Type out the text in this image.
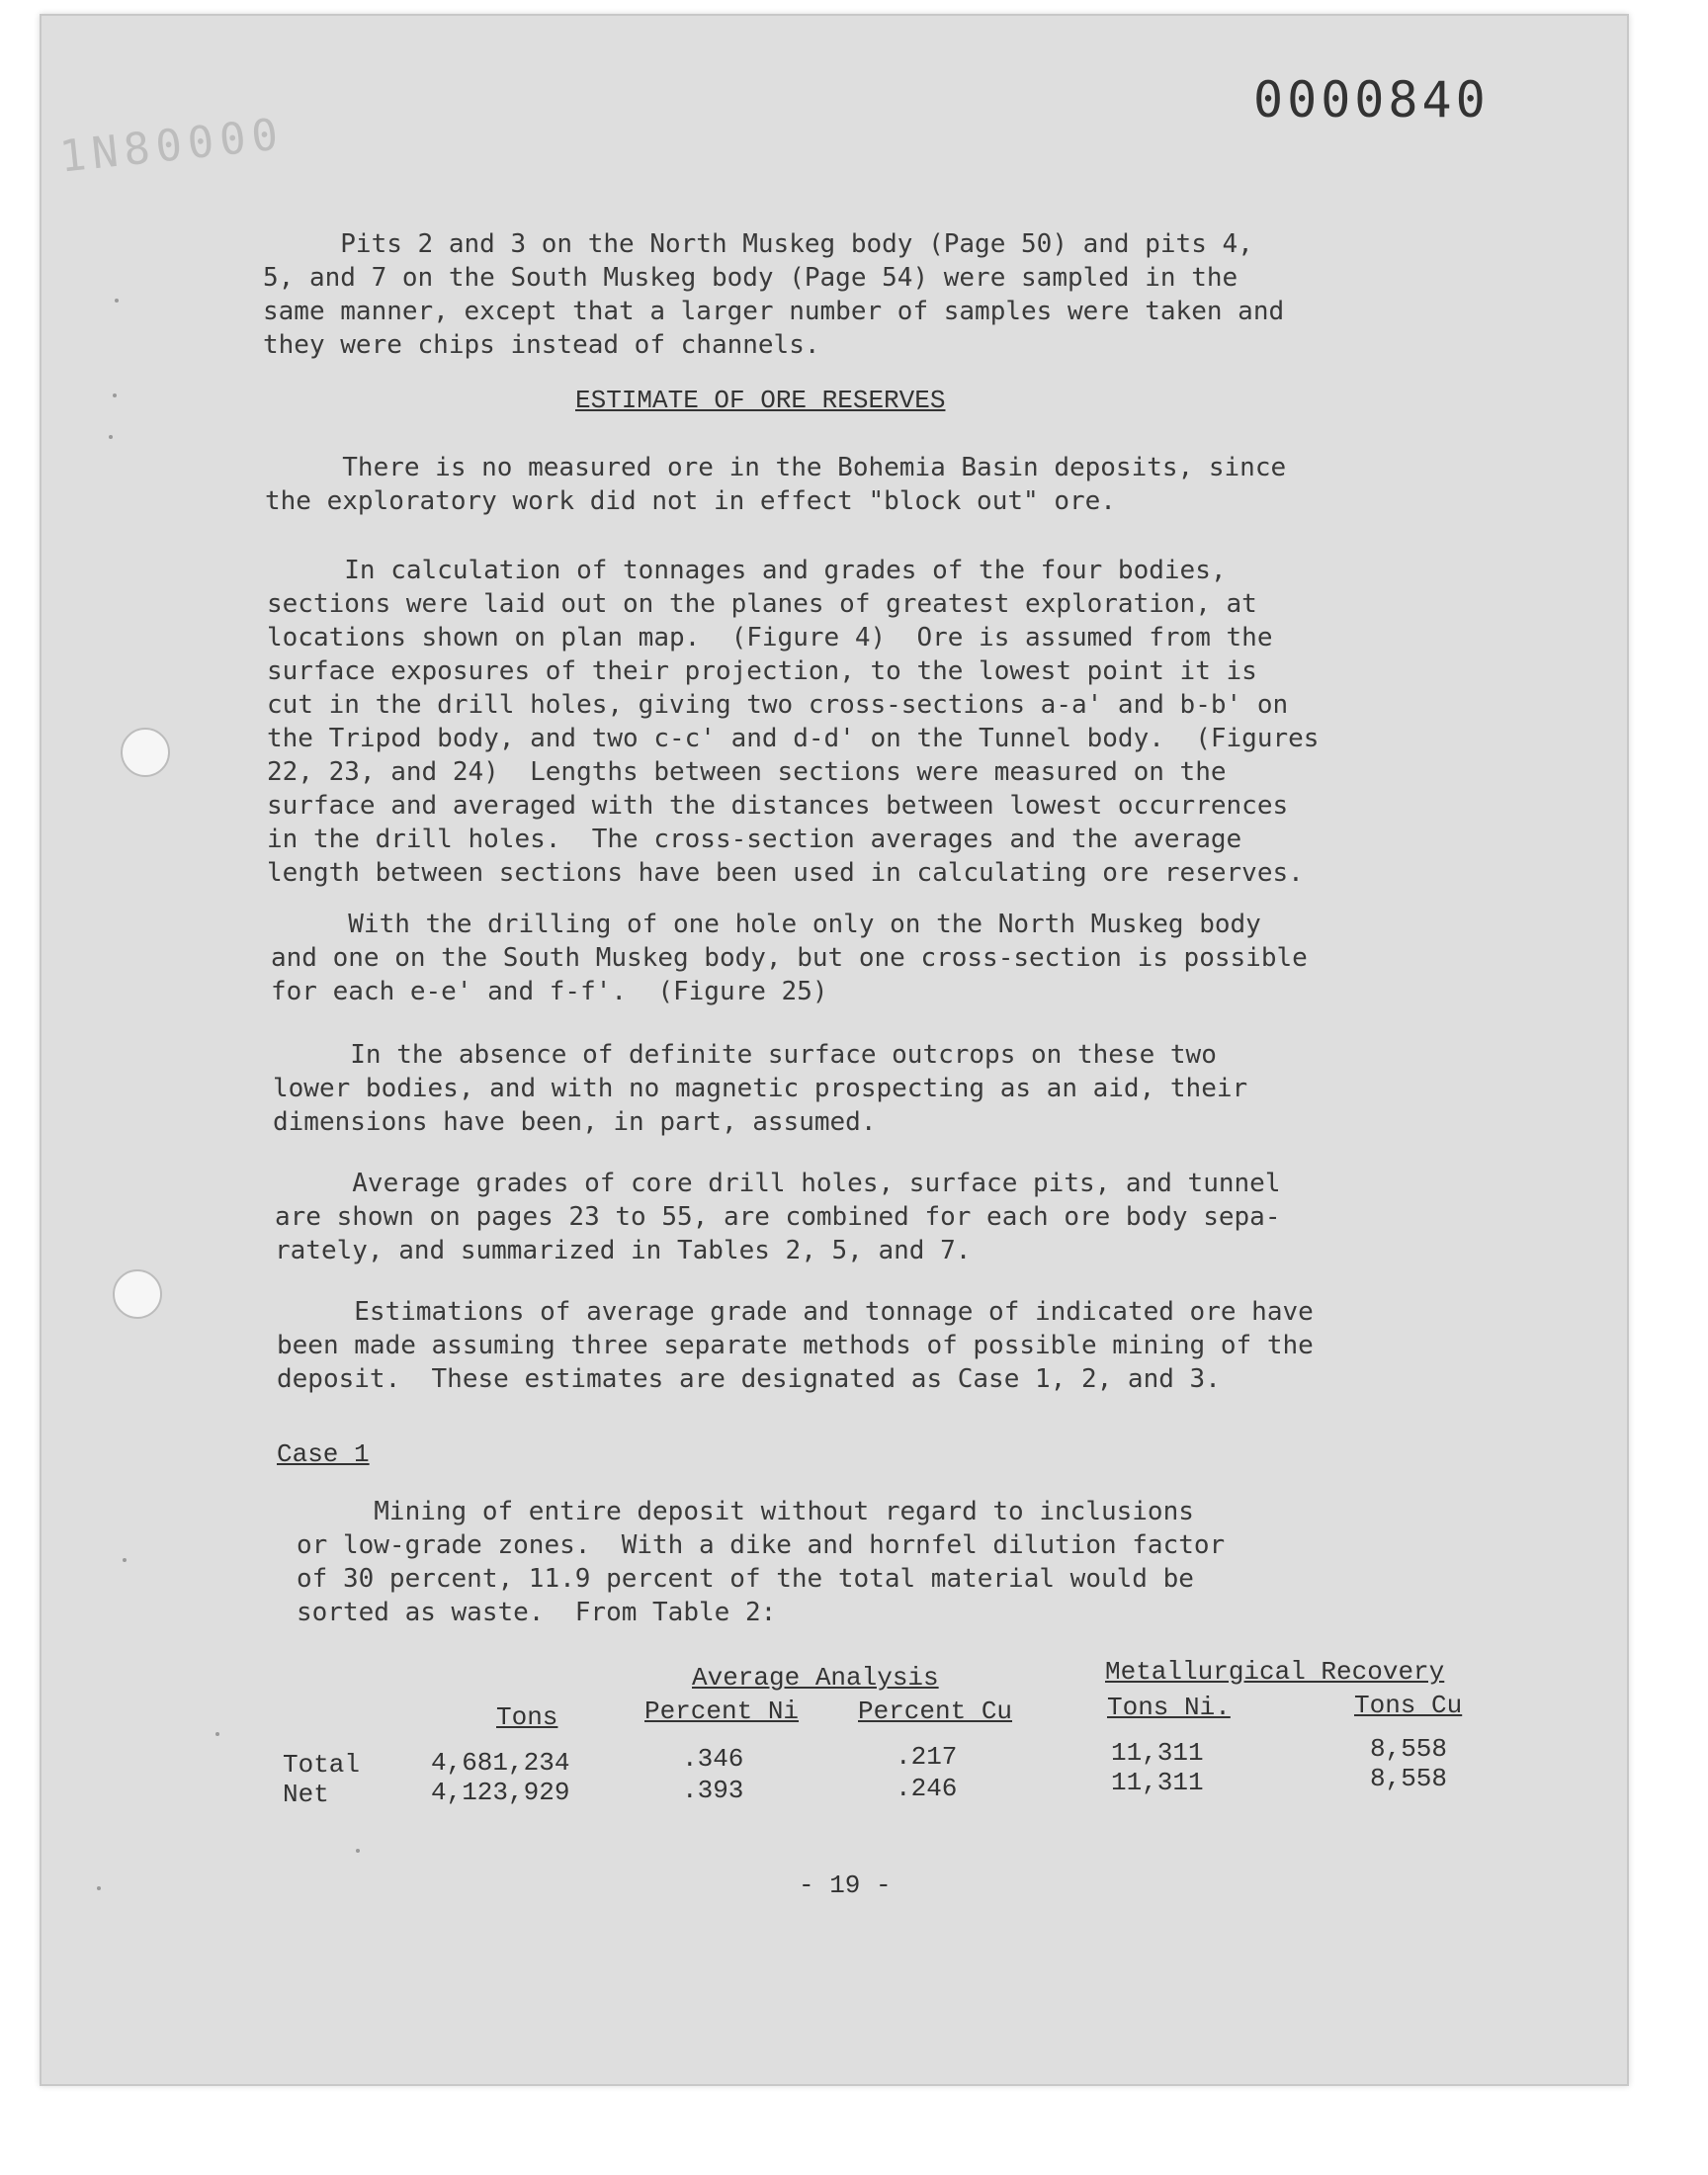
1N80000
0000840
Pits 2 and 3 on the North Muskeg body (Page 50) and pits 4,
5, and 7 on the South Muskeg body (Page 54) were sampled in the
same manner, except that a larger number of samples were taken and
they were chips instead of channels.
ESTIMATE OF ORE RESERVES
There is no measured ore in the Bohemia Basin deposits, since
the exploratory work did not in effect "block out" ore.
In calculation of tonnages and grades of the four bodies,
sections were laid out on the planes of greatest exploration, at
locations shown on plan map.  (Figure 4)  Ore is assumed from the
surface exposures of their projection, to the lowest point it is
cut in the drill holes, giving two cross-sections a-a' and b-b' on
the Tripod body, and two c-c' and d-d' on the Tunnel body.  (Figures
22, 23, and 24)  Lengths between sections were measured on the
surface and averaged with the distances between lowest occurrences
in the drill holes.  The cross-section averages and the average
length between sections have been used in calculating ore reserves.
With the drilling of one hole only on the North Muskeg body
and one on the South Muskeg body, but one cross-section is possible
for each e-e' and f-f'.  (Figure 25)
In the absence of definite surface outcrops on these two
lower bodies, and with no magnetic prospecting as an aid, their
dimensions have been, in part, assumed.
Average grades of core drill holes, surface pits, and tunnel
are shown on pages 23 to 55, are combined for each ore body sepa-
rately, and summarized in Tables 2, 5, and 7.
Estimations of average grade and tonnage of indicated ore have
been made assuming three separate methods of possible mining of the
deposit.  These estimates are designated as Case 1, 2, and 3.
Case 1
Mining of entire deposit without regard to inclusions
or low-grade zones.  With a dike and hornfel dilution factor
of 30 percent, 11.9 percent of the total material would be
sorted as waste.  From Table 2:
Average Analysis	Metallurgical Recovery
Tons	Percent Ni Percent Cu	Tons Ni.	Tons Cu
Total	4,681,234	.346	.217	11,311	8,558
Net	4,123,929	.393	.246	11,311	8,558
- 19 -
